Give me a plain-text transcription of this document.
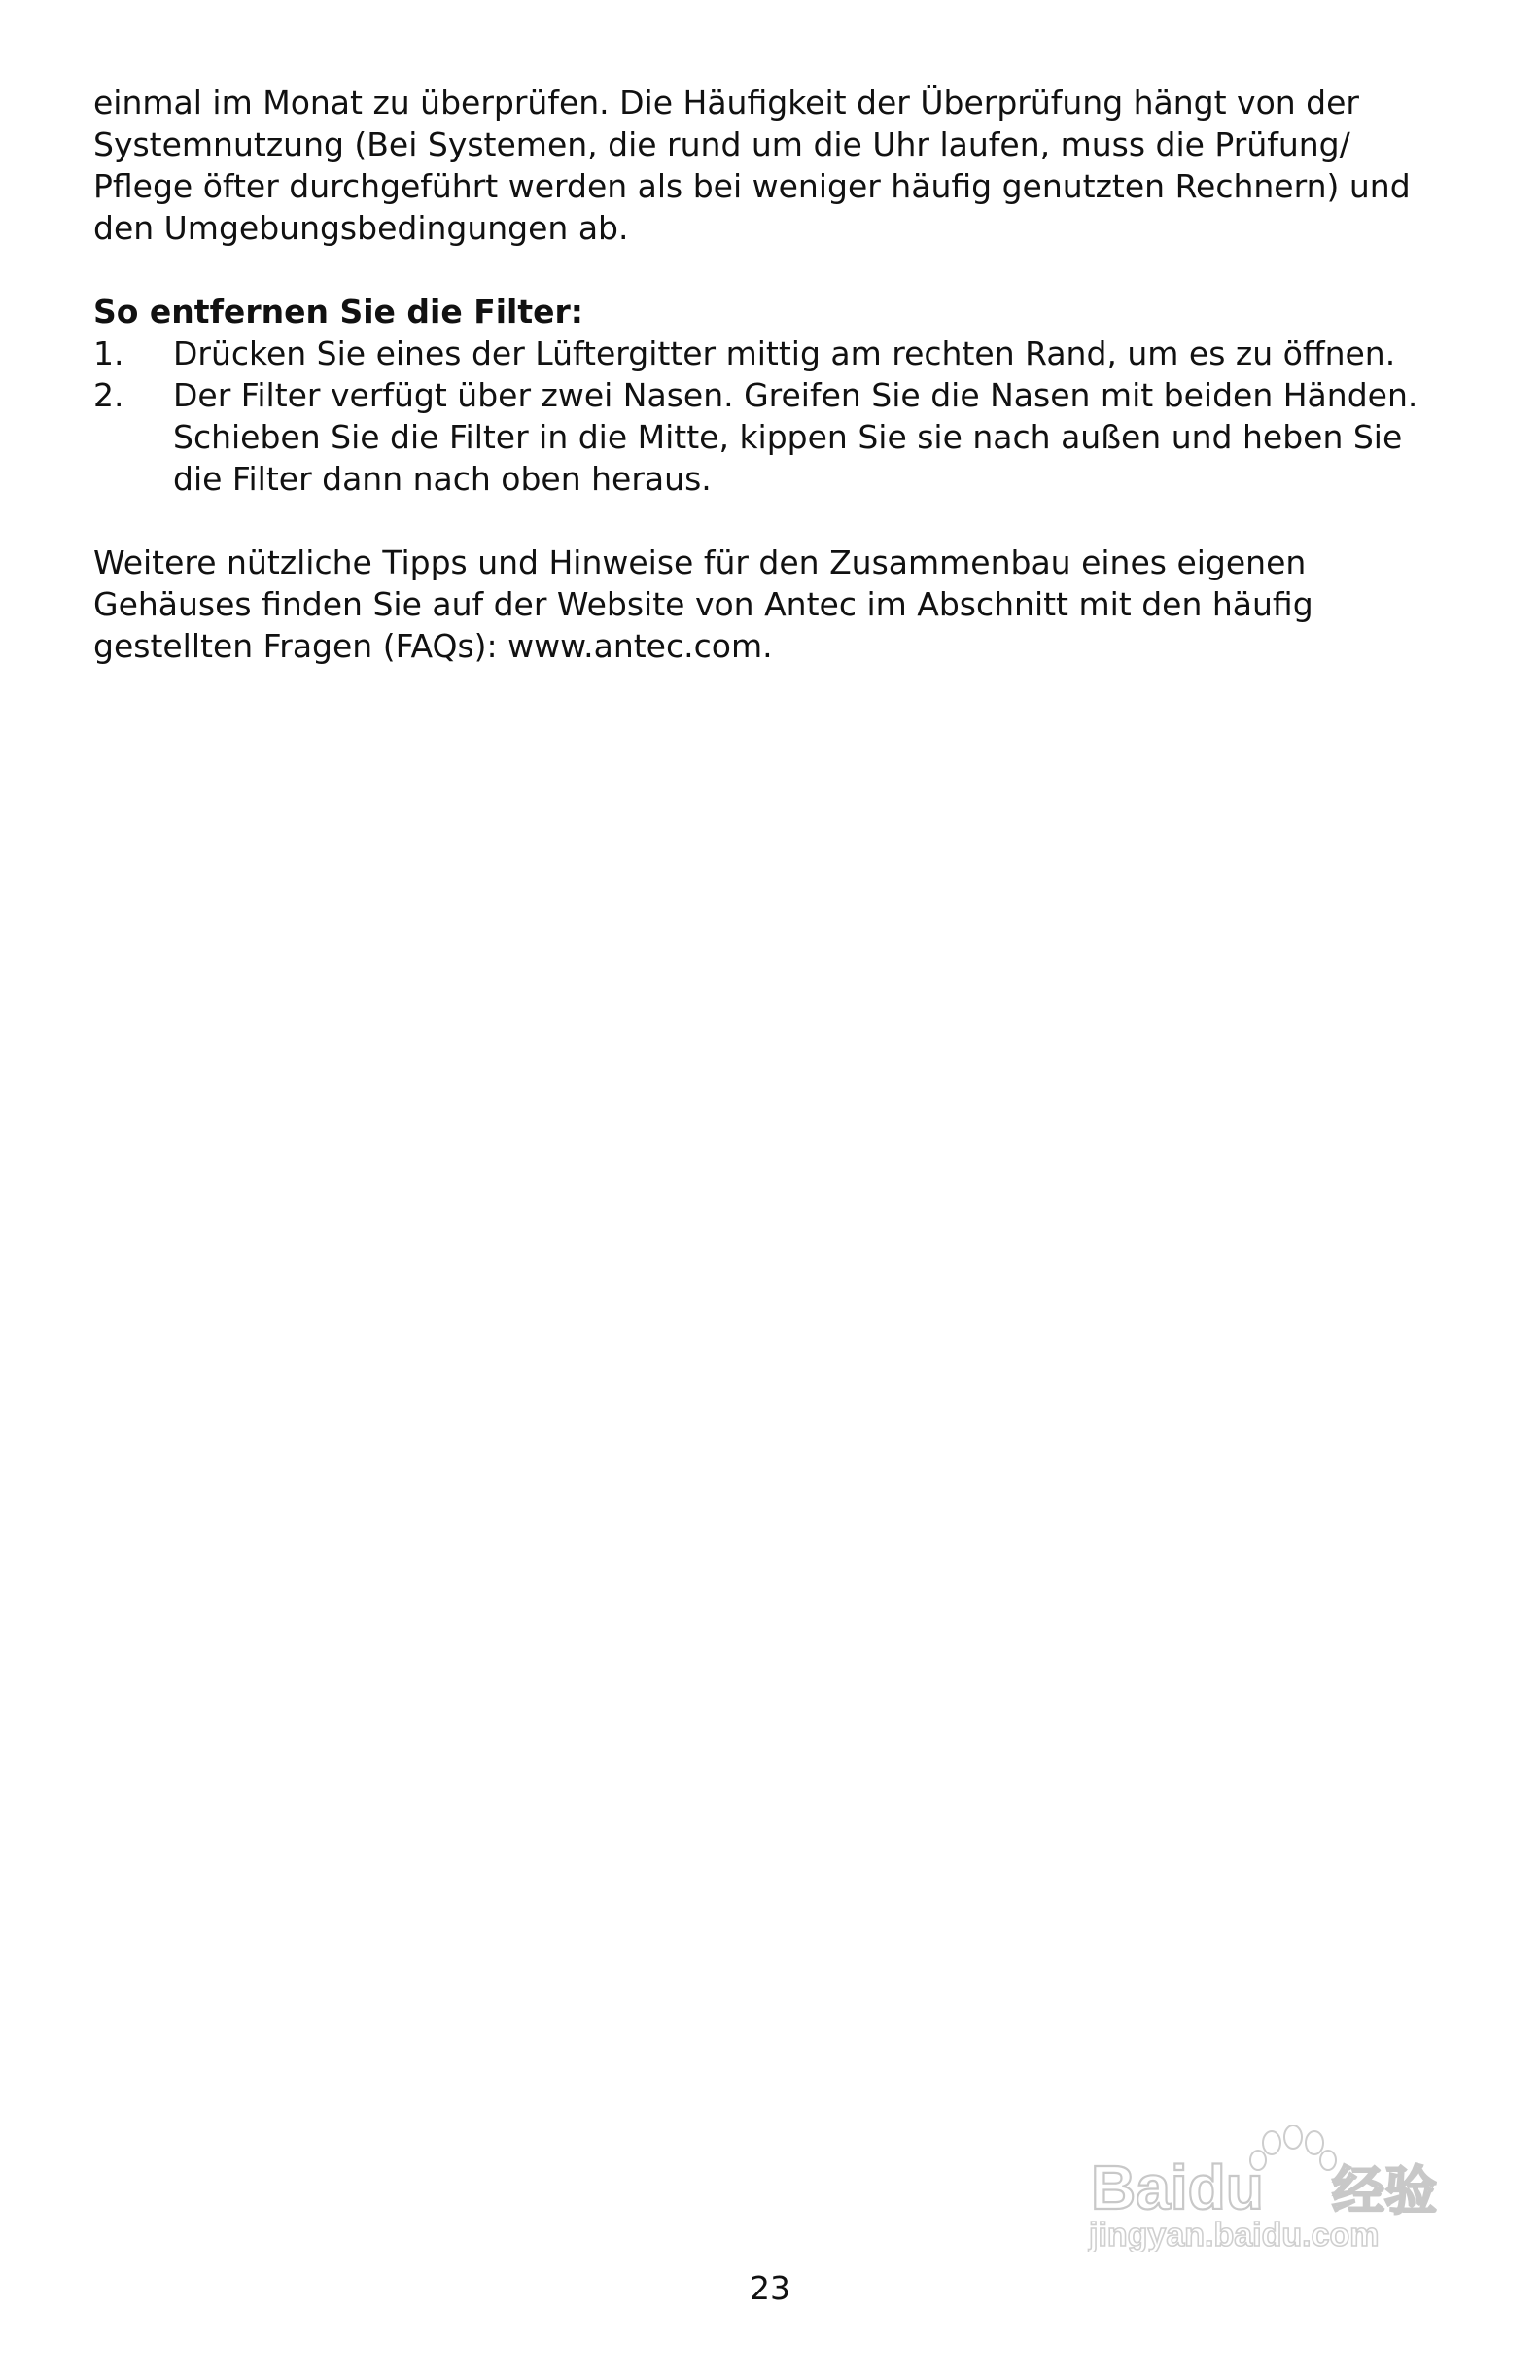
einmal im Monat zu überprüfen. Die Häufigkeit der Überprüfung hängt von der
Systemnutzung (Bei Systemen, die rund um die Uhr laufen, muss die Prüfung/
Pflege öfter durchgeführt werden als bei weniger häufig genutzten Rechnern) und
den Umgebungsbedingungen ab.
So entfernen Sie die Filter:
1. Drücken Sie eines der Lüftergitter mittig am rechten Rand, um es zu öffnen.
2. Der Filter verfügt über zwei Nasen. Greifen Sie die Nasen mit beiden Händen.
Schieben Sie die Filter in die Mitte, kippen Sie sie nach außen und heben Sie
die Filter dann nach oben heraus.
Weitere nützliche Tipps und Hinweise für den Zusammenbau eines eigenen
Gehäuses finden Sie auf der Website von Antec im Abschnitt mit den häufig
gestellten Fragen (FAQs): www.antec.com.
Baidu 经验
jingyan.baidu.com
23
